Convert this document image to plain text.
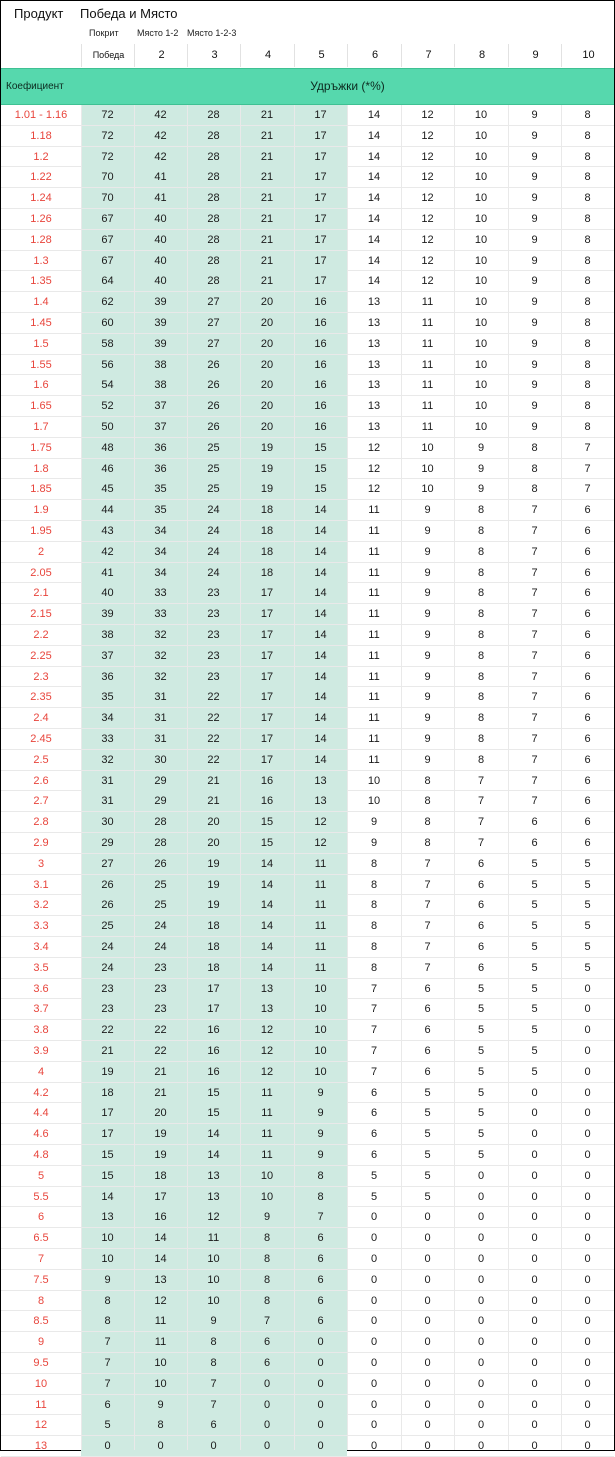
Продукт Победа и Място
Покрит Място 1-2 Място 1-2-3
Победа	2	3	4	5	6	7	8	9	10
Коефициент	Удръжки (*%)
1.01 - 1.16	72	42	28	21	17	14	12	10	9	8
1.18	72	42	28	21	17	14	12	10	9	8
1.2	72	42	28	21	17	14	12	10	9	8
1.22	70	41	28	21	17	14	12	10	9	8
1.24	70	41	28	21	17	14	12	10	9	8
1.26	67	40	28	21	17	14	12	10	9	8
1.28	67	40	28	21	17	14	12	10	9	8
1.3	67	40	28	21	17	14	12	10	9	8
1.35	64	40	28	21	17	14	12	10	9	8
1.4	62	39	27	20	16	13	11	10	9	8
1.45	60	39	27	20	16	13	11	10	9	8
1.5	58	39	27	20	16	13	11	10	9	8
1.55	56	38	26	20	16	13	11	10	9	8
1.6	54	38	26	20	16	13	11	10	9	8
1.65	52	37	26	20	16	13	11	10	9	8
1.7	50	37	26	20	16	13	11	10	9	8
1.75	48	36	25	19	15	12	10	9	8	7
1.8	46	36	25	19	15	12	10	9	8	7
1.85	45	35	25	19	15	12	10	9	8	7
1.9	44	35	24	18	14	11	9	8	7	6
1.95	43	34	24	18	14	11	9	8	7	6
2	42	34	24	18	14	11	9	8	7	6
2.05	41	34	24	18	14	11	9	8	7	6
2.1	40	33	23	17	14	11	9	8	7	6
2.15	39	33	23	17	14	11	9	8	7	6
2.2	38	32	23	17	14	11	9	8	7	6
2.25	37	32	23	17	14	11	9	8	7	6
2.3	36	32	23	17	14	11	9	8	7	6
2.35	35	31	22	17	14	11	9	8	7	6
2.4	34	31	22	17	14	11	9	8	7	6
2.45	33	31	22	17	14	11	9	8	7	6
2.5	32	30	22	17	14	11	9	8	7	6
2.6	31	29	21	16	13	10	8	7	7	6
2.7	31	29	21	16	13	10	8	7	7	6
2.8	30	28	20	15	12	9	8	7	6	6
2.9	29	28	20	15	12	9	8	7	6	6
3	27	26	19	14	11	8	7	6	5	5
3.1	26	25	19	14	11	8	7	6	5	5
3.2	26	25	19	14	11	8	7	6	5	5
3.3	25	24	18	14	11	8	7	6	5	5
3.4	24	24	18	14	11	8	7	6	5	5
3.5	24	23	18	14	11	8	7	6	5	5
3.6	23	23	17	13	10	7	6	5	5	0
3.7	23	23	17	13	10	7	6	5	5	0
3.8	22	22	16	12	10	7	6	5	5	0
3.9	21	22	16	12	10	7	6	5	5	0
4	19	21	16	12	10	7	6	5	5	0
4.2	18	21	15	11	9	6	5	5	0	0
4.4	17	20	15	11	9	6	5	5	0	0
4.6	17	19	14	11	9	6	5	5	0	0
4.8	15	19	14	11	9	6	5	5	0	0
5	15	18	13	10	8	5	5	0	0	0
5.5	14	17	13	10	8	5	5	0	0	0
6	13	16	12	9	7	0	0	0	0	0
6.5	10	14	11	8	6	0	0	0	0	0
7	10	14	10	8	6	0	0	0	0	0
7.5	9	13	10	8	6	0	0	0	0	0
8	8	12	10	8	6	0	0	0	0	0
8.5	8	11	9	7	6	0	0	0	0	0
9	7	11	8	6	0	0	0	0	0	0
9.5	7	10	8	6	0	0	0	0	0	0
10	7	10	7	0	0	0	0	0	0	0
11	6	9	7	0	0	0	0	0	0	0
12	5	8	6	0	0	0	0	0	0	0
13	0	0	0	0	0	0	0	0	0	0
